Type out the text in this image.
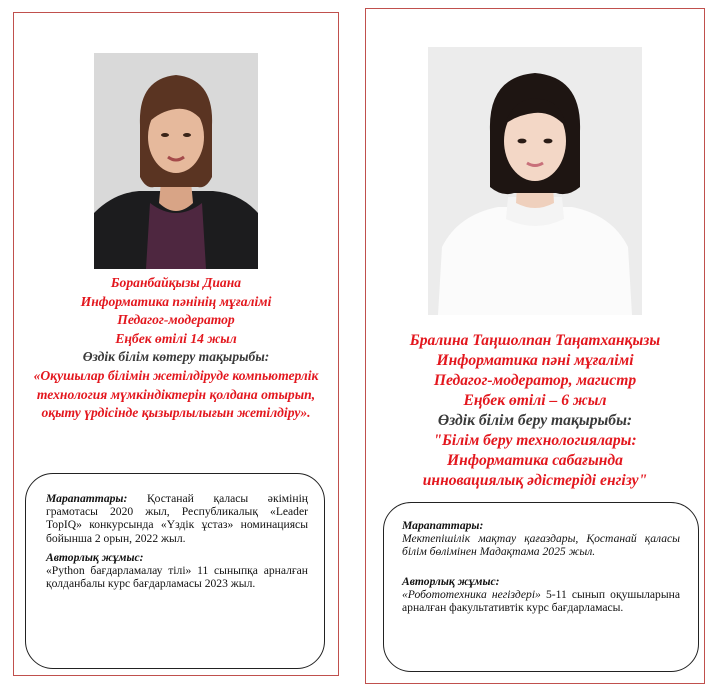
Боранбайқызы Диана
Информатика пәнінің мұғалімі
Педагог-модератор
Еңбек өтілі 14 жыл
Өздік білім көтеру тақырыбы:
«Оқушылар білімін жетілдіруде компьютерлік технология мүмкіндіктерін қолдана отырып, оқыту үрдісінде қызырлылығын жетілдіру».
Марапаттары: Қостанай қаласы әкімінің грамотасы 2020 жыл, Республикалық «Leader TopIQ» конкурсында «Үздік ұстаз» номинациясы бойынша 2 орын, 2022 жыл.
Авторлық жұмыс:
«Python бағдарламалау тілі» 11 сыныпқа арналған қолданбалы курс бағдарламасы 2023 жыл.
Бралина Таңшолпан Таңатханқызы
Информатика пәні мұғалімі
Педагог-модератор, магистр
Еңбек өтілі – 6 жыл
Өздік білім беру тақырыбы:
"Білім беру технологиялары:
Информатика сабағында
инновациялық әдістеріді енгізу"
Марапаттары:
Мектепішілік мақтау қағаздары, Қостанай қаласы білім бөлімінен Мадақтама 2025 жыл.
Авторлық жұмыс:
«Робототехника негіздері» 5-11 сынып оқушыларына арналған факультативтік курс бағдарламасы.
